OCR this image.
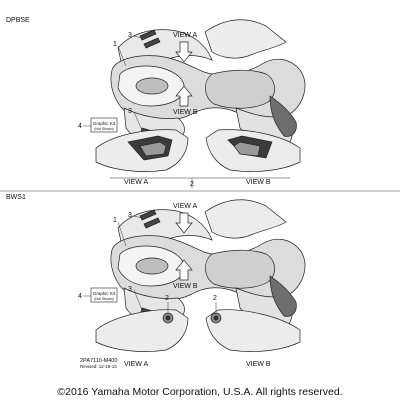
DPBSE
1
3
3
VIEW A
VIEW B
4 Graphic Kit
(Not Shown)
VIEW A	VIEW B
2
BWS1
1
3
3
VIEW A
VIEW B
4 Graphic Kit
(Not Shown)	2	2
VIEW A	VIEW B
2PA7110-M400
Revised: 12-19-13
©2016 Yamaha Motor Corporation, U.S.A. All rights reserved.
